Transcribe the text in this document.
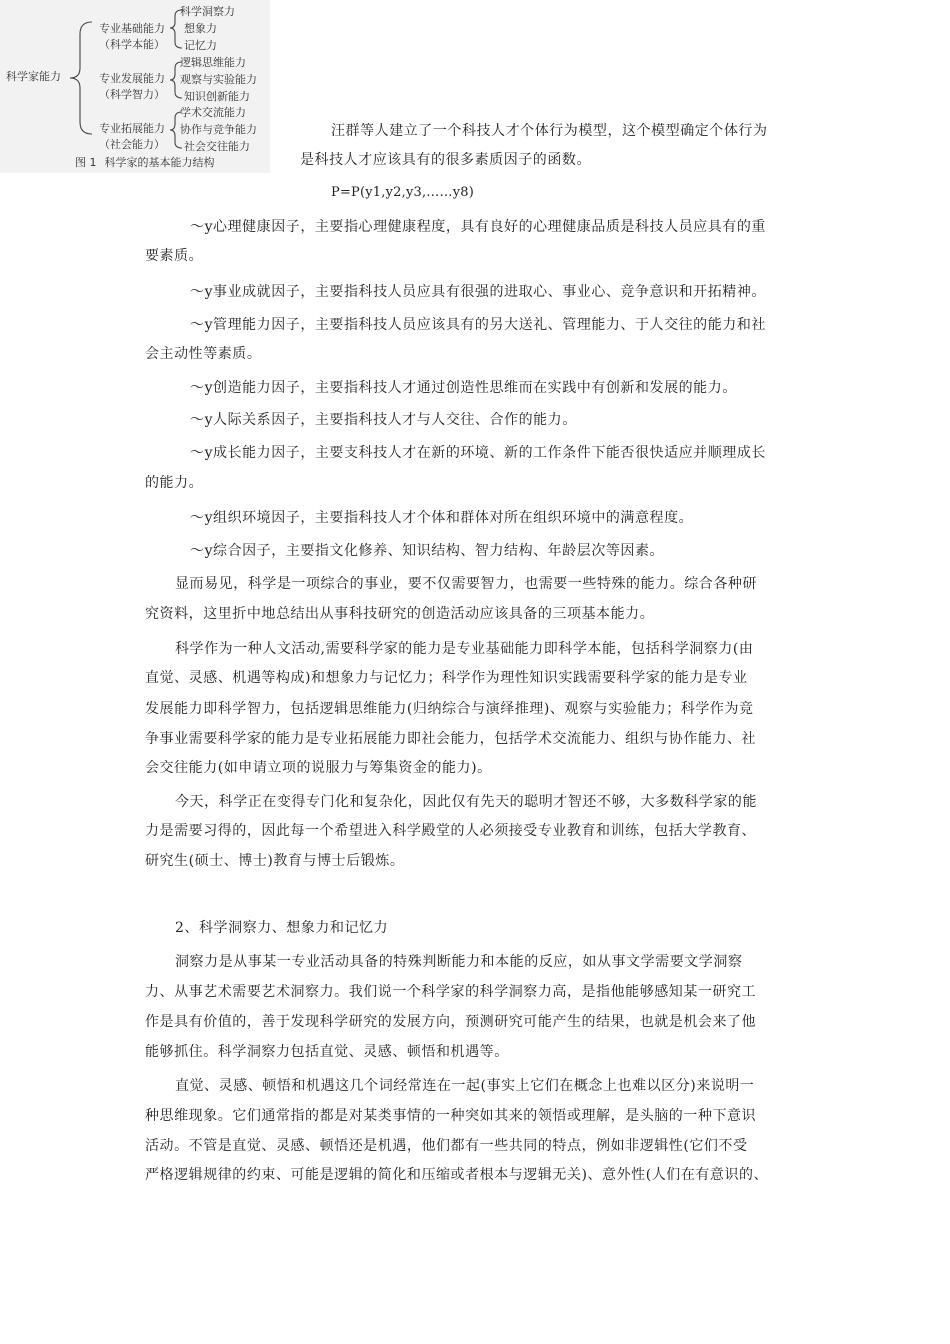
科学家能力
专业基础能力
（科学本能）
科学洞察力
想象力
记忆力
专业发展能力
（科学智力）
逻辑思维能力
观察与实验能力
知识创新能力
专业拓展能力
（社会能力）
学术交流能力
协作与竞争能力
社会交往能力
图 1 科学家的基本能力结构
汪群等人建立了一个科技人才个体行为模型，这个模型确定个体行为
是科技人才应该具有的很多素质因子的函数。
P=P(y1,y2,y3,……y8)
～y心理健康因子，主要指心理健康程度，具有良好的心理健康品质是科技人员应具有的重
要素质。
～y事业成就因子，主要指科技人员应具有很强的进取心、事业心、竞争意识和开拓精神。
～y管理能力因子，主要指科技人员应该具有的另大送礼、管理能力、于人交往的能力和社
会主动性等素质。
～y创造能力因子，主要指科技人才通过创造性思维而在实践中有创新和发展的能力。
～y人际关系因子，主要指科技人才与人交往、合作的能力。
～y成长能力因子，主要支科技人才在新的环境、新的工作条件下能否很快适应并顺理成长
的能力。
～y组织环境因子，主要指科技人才个体和群体对所在组织环境中的满意程度。
～y综合因子，主要指文化修养、知识结构、智力结构、年龄层次等因素。
显而易见，科学是一项综合的事业，要不仅需要智力，也需要一些特殊的能力。综合各种研
究资料，这里折中地总结出从事科技研究的创造活动应该具备的三项基本能力。
科学作为一种人文活动,需要科学家的能力是专业基础能力即科学本能，包括科学洞察力(由
直觉、灵感、机遇等构成)和想象力与记忆力；科学作为理性知识实践需要科学家的能力是专业
发展能力即科学智力，包括逻辑思维能力(归纳综合与演绎推理)、观察与实验能力；科学作为竞
争事业需要科学家的能力是专业拓展能力即社会能力，包括学术交流能力、组织与协作能力、社
会交往能力(如申请立项的说服力与筹集资金的能力)。
今天，科学正在变得专门化和复杂化，因此仅有先天的聪明才智还不够，大多数科学家的能
力是需要习得的，因此每一个希望进入科学殿堂的人必须接受专业教育和训练，包括大学教育、
研究生(硕士、博士)教育与博士后锻炼。
2、科学洞察力、想象力和记忆力
洞察力是从事某一专业活动具备的特殊判断能力和本能的反应，如从事文学需要文学洞察
力、从事艺术需要艺术洞察力。我们说一个科学家的科学洞察力高，是指他能够感知某一研究工
作是具有价值的，善于发现科学研究的发展方向，预测研究可能产生的结果，也就是机会来了他
能够抓住。科学洞察力包括直觉、灵感、顿悟和机遇等。
直觉、灵感、顿悟和机遇这几个词经常连在一起(事实上它们在概念上也难以区分)来说明一
种思维现象。它们通常指的都是对某类事情的一种突如其来的领悟或理解，是头脑的一种下意识
活动。不管是直觉、灵感、顿悟还是机遇，他们都有一些共同的特点，例如非逻辑性(它们不受
严格逻辑规律的约束、可能是逻辑的简化和压缩或者根本与逻辑无关)、意外性(人们在有意识的、
